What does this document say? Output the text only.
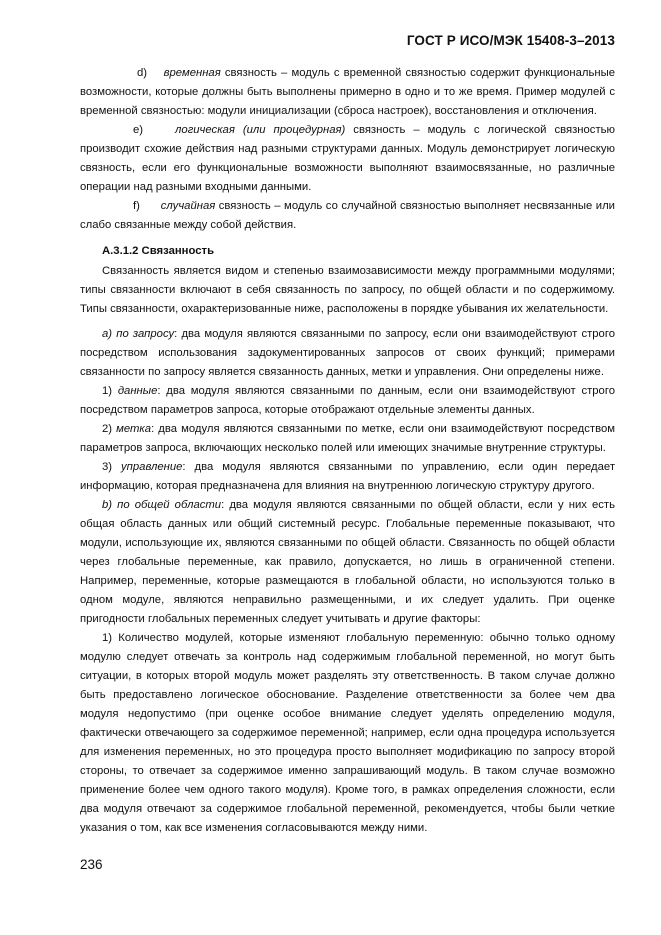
ГОСТ Р ИСО/МЭК 15408-3–2013

d) временная связность – модуль с временной связностью содержит функциональные возможности, которые должны быть выполнены примерно в одно и то же время. Пример модулей с временной связностью: модули инициализации (сброса настроек), восстановления и отключения.

е)	логическая (или процедурная) связность – модуль с логической связностью производит схожие действия над разными структурами данных. Модуль демонстрирует логическую связность, если его функциональные возможности выполняют взаимосвязанные, но различные операции над разными входными данными.

f) случайная связность – модуль со случайной связностью выполняет несвязанные или слабо связанные между собой действия.

А.3.1.2 Связанность

Связанность является видом и степенью взаимозависимости между программными модулями; типы связанности включают в себя связанность по запросу, по общей области и по содержимому. Типы связанности, охарактеризованные ниже, расположены в порядке убывания их желательности.

а) по запросу: два модуля являются связанными по запросу, если они взаимодействуют строго посредством использования задокументированных запросов от своих функций; примерами связанности по запросу является связанность данных, метки и управления. Они определены ниже.

1) данные: два модуля являются связанными по данным, если они взаимодействуют строго посредством параметров запроса, которые отображают отдельные элементы данных.

2) метка: два модуля являются связанными по метке, если они взаимодействуют посредством параметров запроса, включающих несколько полей или имеющих значимые внутренние структуры.

3) управление: два модуля являются связанными по управлению, если один передает информацию, которая предназначена для влияния на внутреннюю логическую структуру другого.

b) по общей области: два модуля являются связанными по общей области, если у них есть общая область данных или общий системный ресурс. Глобальные переменные показывают, что модули, использующие их, являются связанными по общей области. Связанность по общей области через глобальные переменные, как правило, допускается, но лишь в ограниченной степени. Например, переменные, которые размещаются в глобальной области, но используются только в одном модуле, являются неправильно размещенными, и их следует удалить. При оценке пригодности глобальных переменных следует учитывать и другие факторы:

1) Количество модулей, которые изменяют глобальную переменную: обычно только одному модулю следует отвечать за контроль над содержимым глобальной переменной, но могут быть ситуации, в которых второй модуль может разделять эту ответственность. В таком случае должно быть предоставлено логическое обоснование. Разделение ответственности за более чем два модуля недопустимо (при оценке особое внимание следует уделять определению модуля, фактически отвечающего за содержимое переменной; например, если одна процедура используется для изменения переменных, но это процедура просто выполняет модификацию по запросу второй стороны, то отвечает за содержимое именно запрашивающий модуль. В таком случае возможно применение более чем одного такого модуля). Кроме того, в рамках определения сложности, если два модуля отвечают за содержимое глобальной переменной, рекомендуется, чтобы были четкие указания о том, как все изменения согласовываются между ними.

236
